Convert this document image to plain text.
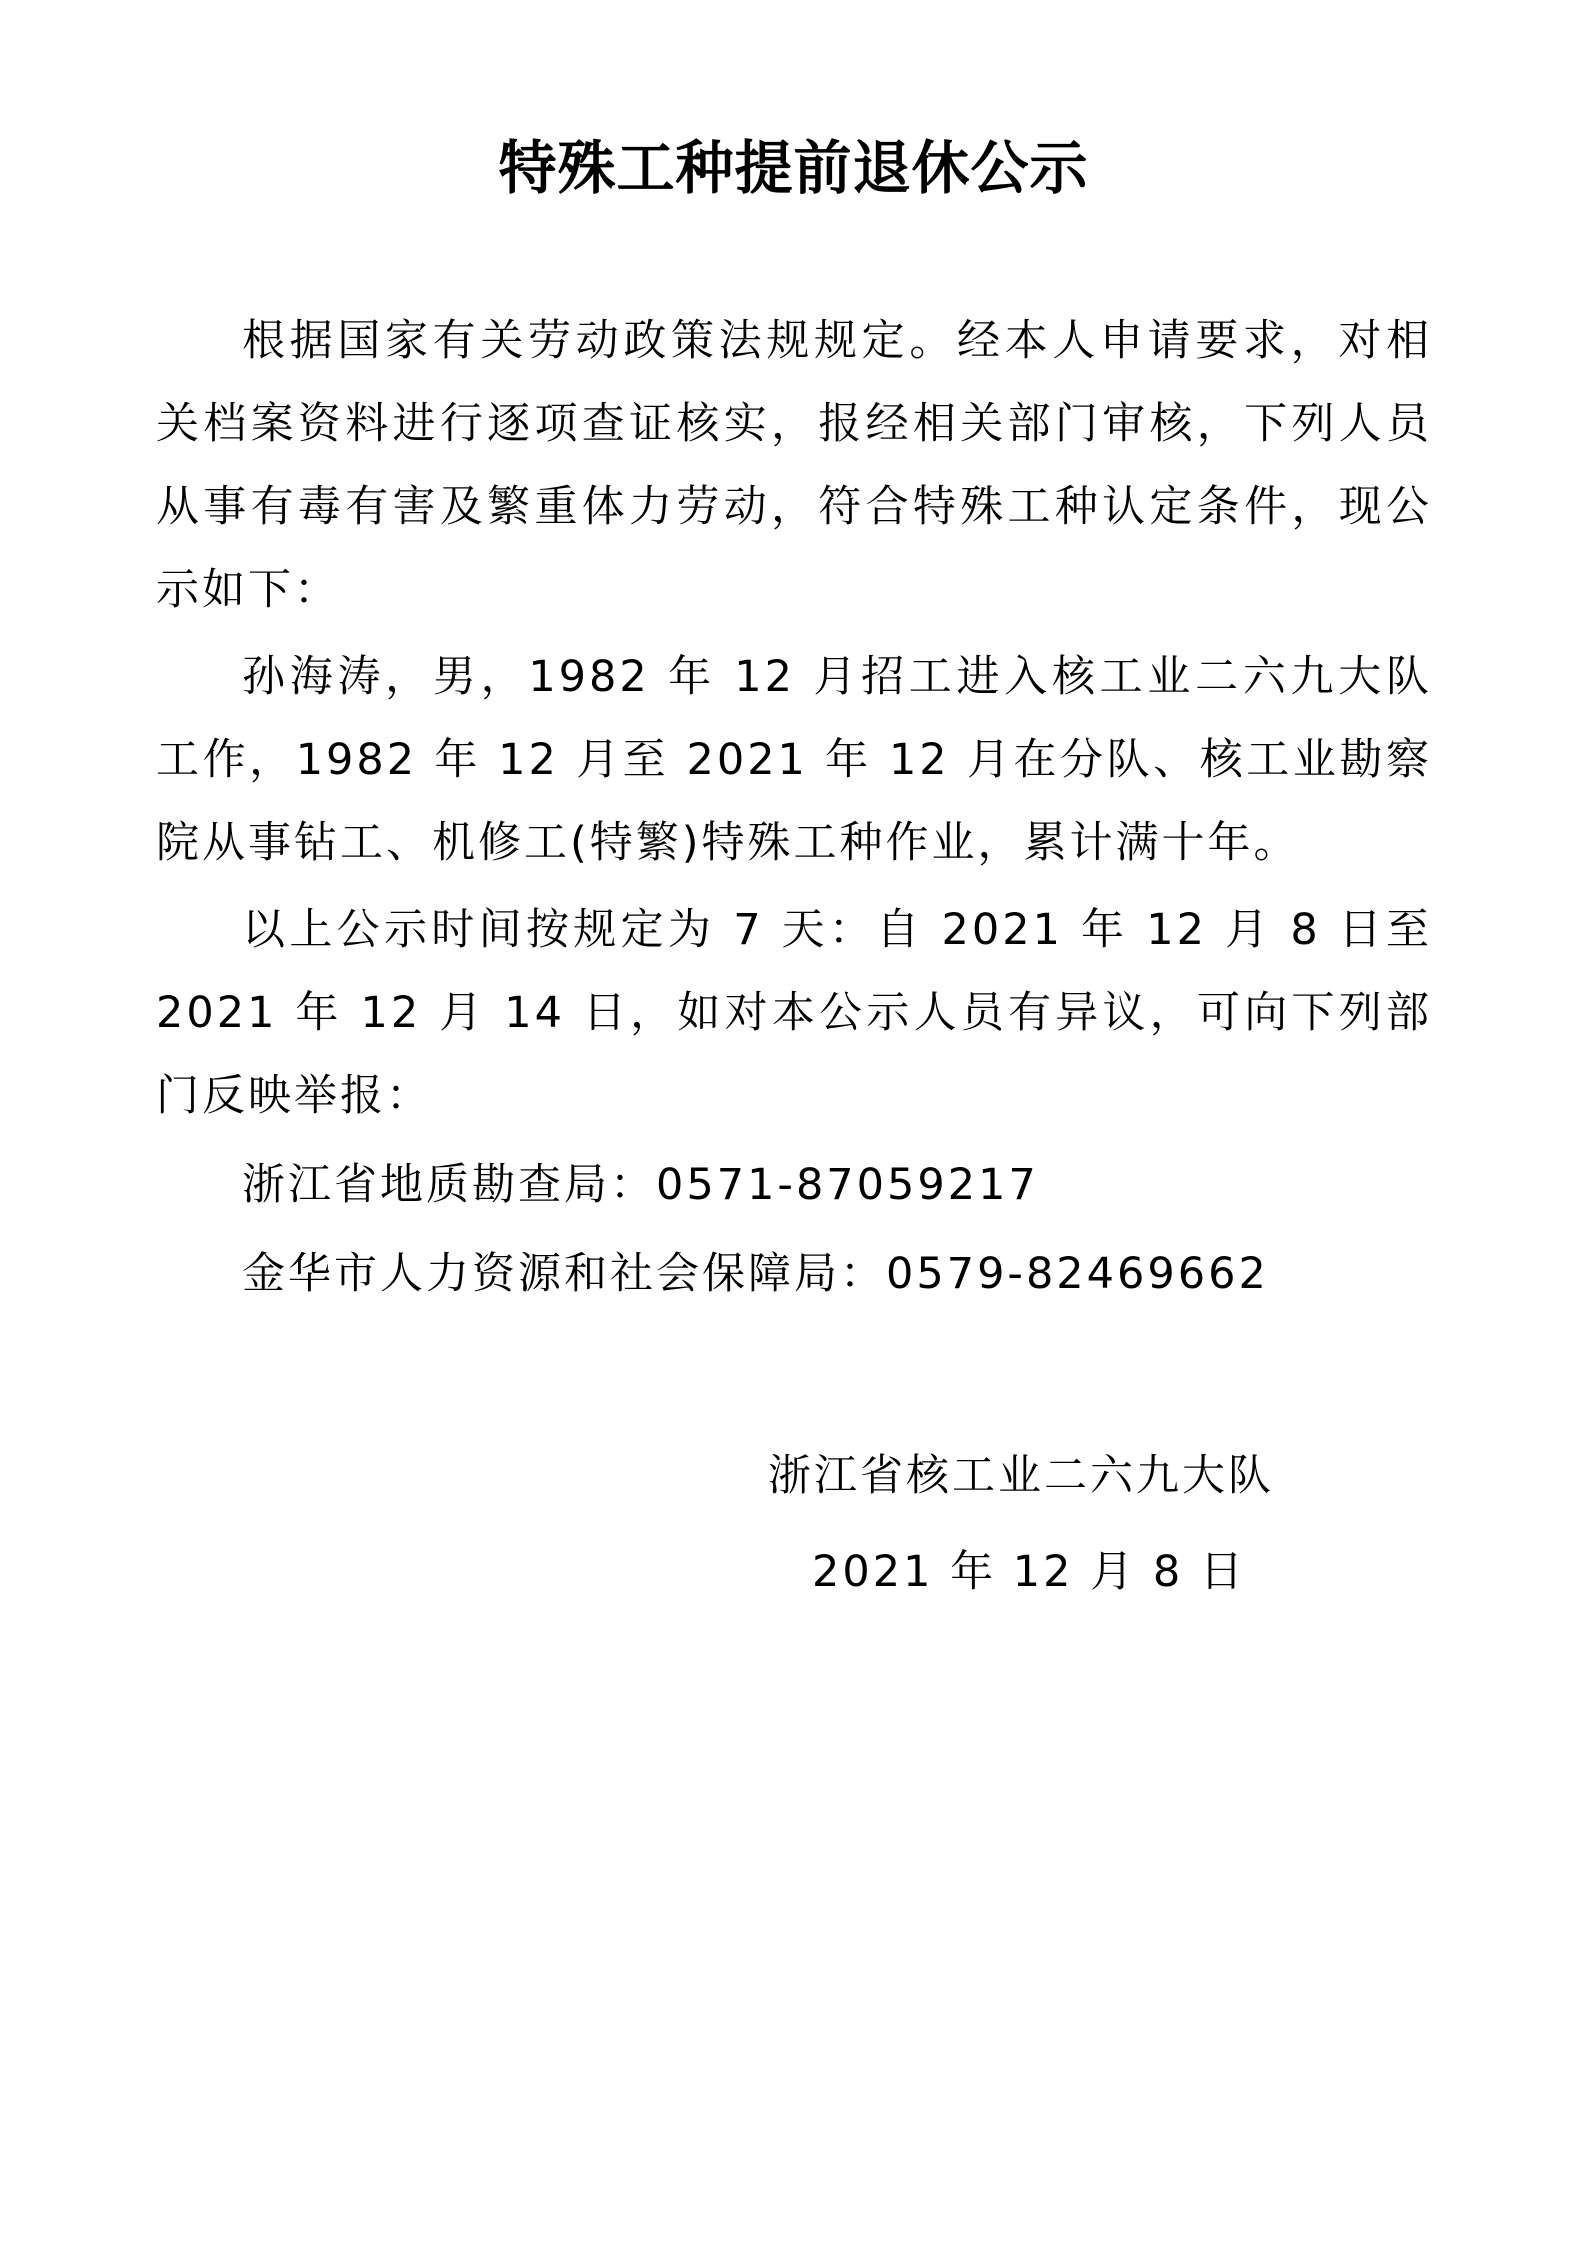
特殊工种提前退休公示

根据国家有关劳动政策法规规定。经本人申请要求，对相关档案资料进行逐项查证核实，报经相关部门审核，下列人员从事有毒有害及繁重体力劳动，符合特殊工种认定条件，现公示如下：

孙海涛，男，1982 年 12 月招工进入核工业二六九大队工作，1982 年 12 月至 2021 年 12 月在分队、核工业勘察院从事钻工、机修工(特繁)特殊工种作业，累计满十年。

以上公示时间按规定为 7 天：自 2021 年 12 月 8 日至 2021 年 12 月 14 日，如对本公示人员有异议，可向下列部门反映举报：

浙江省地质勘查局：0571-87059217
金华市人力资源和社会保障局：0579-82469662
浙江省核工业二六九大队
2021 年 12 月 8 日
